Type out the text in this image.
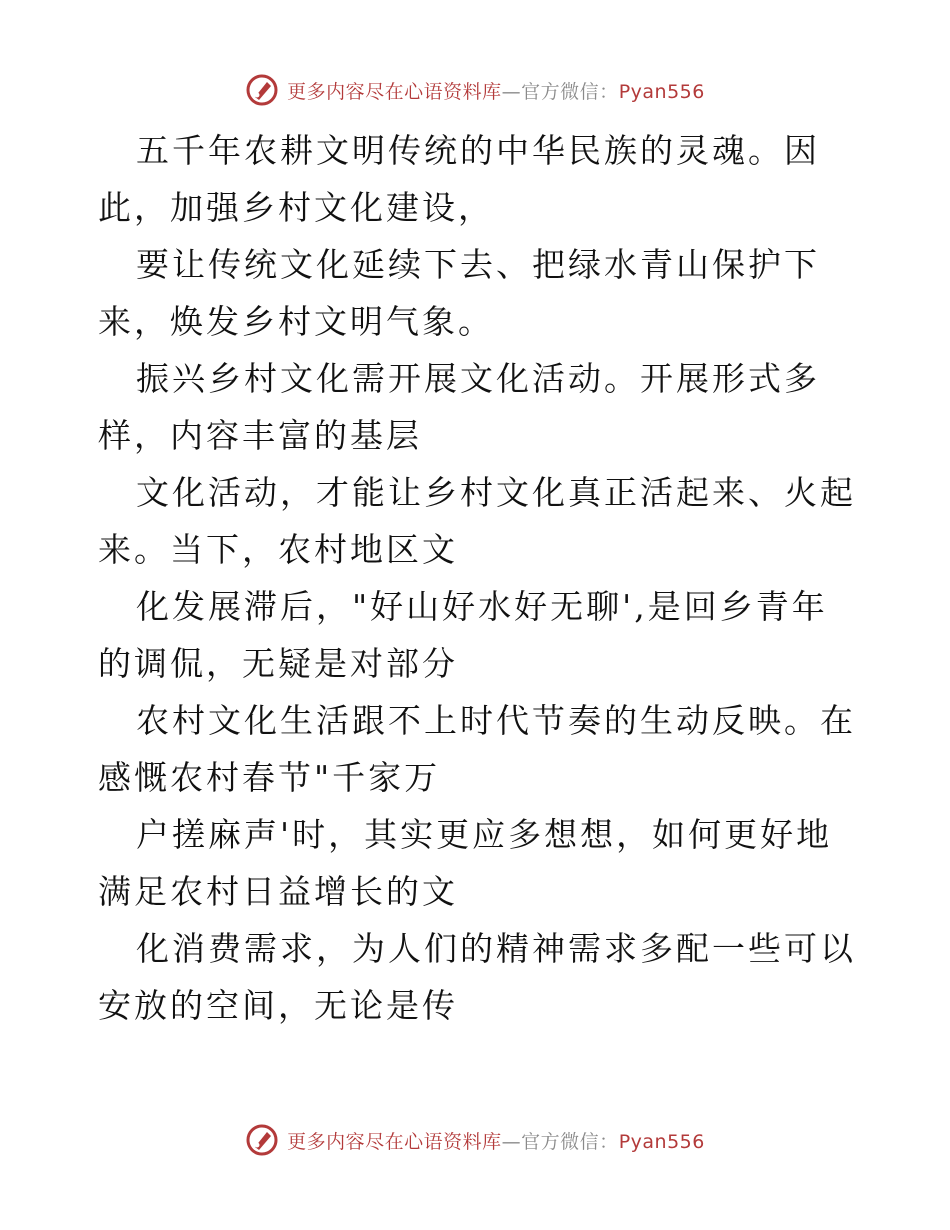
更多内容尽在心语资料库—官方微信：Pyan556

五千年农耕文明传统的中华民族的灵魂。因此，加强乡村文化建设，

要让传统文化延续下去、把绿水青山保护下来，焕发乡村文明气象。

振兴乡村文化需开展文化活动。开展形式多样，内容丰富的基层

文化活动，才能让乡村文化真正活起来、火起来。当下，农村地区文

化发展滞后，"好山好水好无聊',是回乡青年的调侃，无疑是对部分

农村文化生活跟不上时代节奏的生动反映。在感慨农村春节"千家万

户搓麻声'时，其实更应多想想，如何更好地满足农村日益增长的文

化消费需求，为人们的精神需求多配一些可以安放的空间，无论是传

更多内容尽在心语资料库—官方微信：Pyan556
